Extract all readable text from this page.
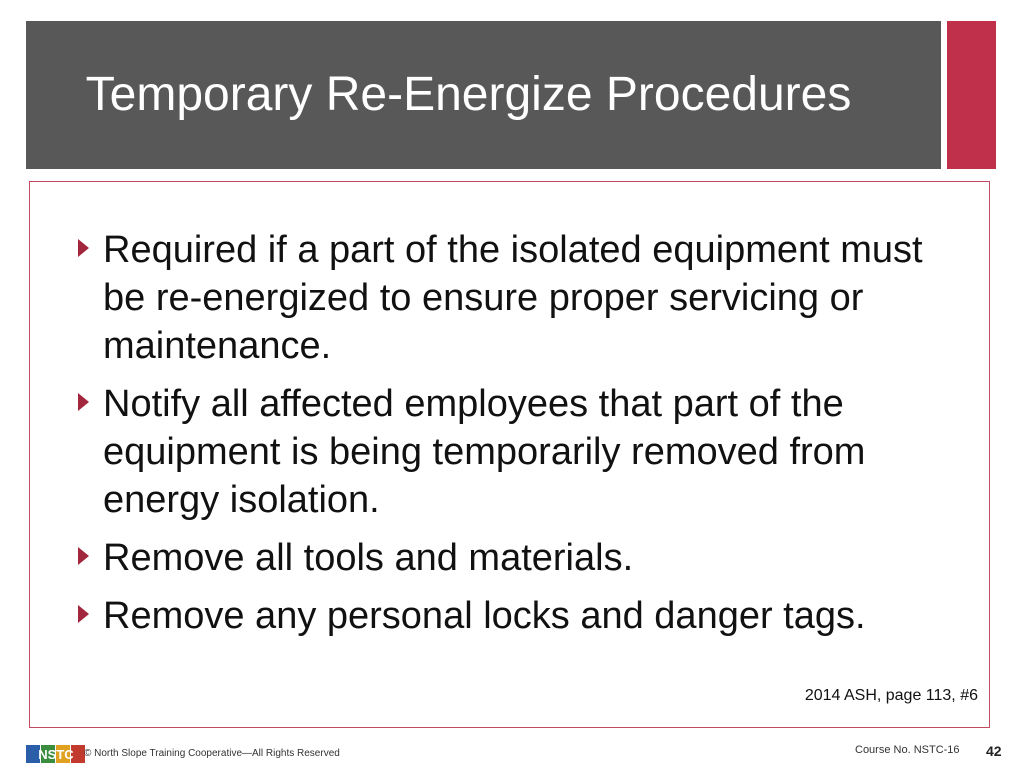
Temporary Re-Energize Procedures
Required if a part of the isolated equipment must be re-energized to ensure proper servicing or maintenance.
Notify all affected employees that part of the equipment is being temporarily removed from energy isolation.
Remove all tools and materials.
Remove any personal locks and danger tags.
2014 ASH, page 113, #6
NSTC © North Slope Training Cooperative—All Rights Reserved	Course No. NSTC-16 42
